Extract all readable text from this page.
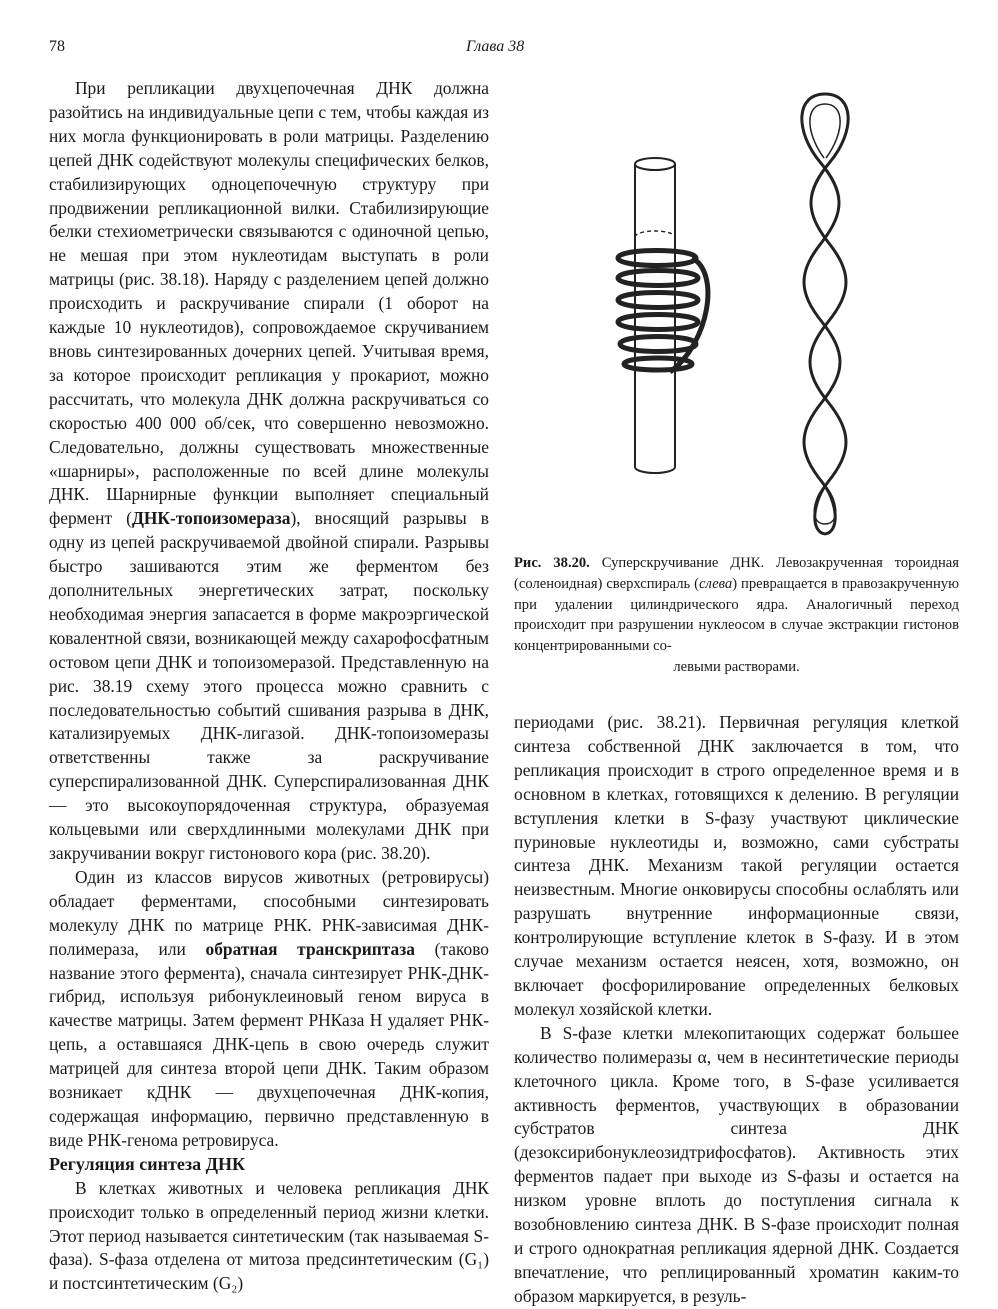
78	Глава 38

При репликации двухцепочечная ДНК должна разойтись на индивидуальные цепи с тем, чтобы каждая из них могла функционировать в роли матрицы. Разделению цепей ДНК содействуют молекулы специфических белков, стабилизирующих одноцепочечную структуру при продвижении репликационной вилки. Стабилизирующие белки стехиометрически связываются с одиночной цепью, не мешая при этом нуклеотидам выступать в роли матрицы (рис. 38.18). Наряду с разделением цепей должно происходить и раскручивание спирали (1 оборот на каждые 10 нуклеотидов), сопровождаемое скручиванием вновь синтезированных дочерних цепей. Учитывая время, за которое происходит репликация у прокариот, можно рассчитать, что молекула ДНК должна раскручиваться со скоростью 400 000 об/сек, что совершенно невозможно. Следовательно, должны существовать множественные «шарниры», расположенные по всей длине молекулы ДНК. Шарнирные функции выполняет специальный фермент (ДНК-топоизомераза), вносящий разрывы в одну из цепей раскручиваемой двойной спирали. Разрывы быстро зашиваются этим же ферментом без дополнительных энергетических затрат, поскольку необходимая энергия запасается в форме макроэргической ковалентной связи, возникающей между сахарофосфатным остовом цепи ДНК и топоизомеразой. Представленную на рис. 38.19 схему этого процесса можно сравнить с последовательностью событий сшивания разрыва в ДНК, катализируемых ДНК-лигазой. ДНК-топоизомеразы ответственны также за раскручивание суперспирализованной ДНК. Суперспирализованная ДНК — это высокоупорядоченная структура, образуемая кольцевыми или сверхдлинными молекулами ДНК при закручивании вокруг гистонового кора (рис. 38.20).

Один из классов вирусов животных (ретровирусы) обладает ферментами, способными синтезировать молекулу ДНК по матрице РНК. РНК-зависимая ДНК-полимераза, или обратная транскриптаза (таково название этого фермента), сначала синтезирует РНК-ДНК-гибрид, используя рибонуклеиновый геном вируса в качестве матрицы. Затем фермент РНКаза Н удаляет РНК-цепь, а оставшаяся ДНК-цепь в свою очередь служит матрицей для синтеза второй цепи ДНК. Таким образом возникает кДНК — двухцепочечная ДНК-копия, содержащая информацию, первично представленную в виде РНК-генома ретровируса.

Регуляция синтеза ДНК

В клетках животных и человека репликация ДНК происходит только в определенный период жизни клетки. Этот период называется синтетическим (так называемая S-фаза). S-фаза отделена от митоза предсинтетическим (G₁) и постсинтетическим (G₂)

Рис. 38.20. Суперскручивание ДНК. Левозакрученная тороидная (соленоидная) сверхспираль (слева) превращается в правозакрученную при удалении цилиндрического ядра. Аналогичный переход происходит при разрушении нуклеосом в случае экстракции гистонов концентрированными со-
левыми растворами.

периодами (рис. 38.21). Первичная регуляция клеткой синтеза собственной ДНК заключается в том, что репликация происходит в строго определенное время и в основном в клетках, готовящихся к делению. В регуляции вступления клетки в S-фазу участвуют циклические пуриновые нуклеотиды и, возможно, сами субстраты синтеза ДНК. Механизм такой регуляции остается неизвестным. Многие онковирусы способны ослаблять или разрушать внутренние информационные связи, контролирующие вступление клеток в S-фазу. И в этом случае механизм остается неясен, хотя, возможно, он включает фосфорилирование определенных белковых молекул хозяйской клетки.

В S-фазе клетки млекопитающих содержат большее количество полимеразы α, чем в несинтетические периоды клеточного цикла. Кроме того, в S-фазе усиливается активность ферментов, участвующих в образовании субстратов синтеза ДНК (дезоксирибонуклеозидтрифосфатов). Активность этих ферментов падает при выходе из S-фазы и остается на низком уровне вплоть до поступления сигнала к возобновлению синтеза ДНК. В S-фазе происходит полная и строго однократная репликация ядерной ДНК. Создается впечатление, что реплицированный хроматин каким-то образом маркируется, в резуль-
